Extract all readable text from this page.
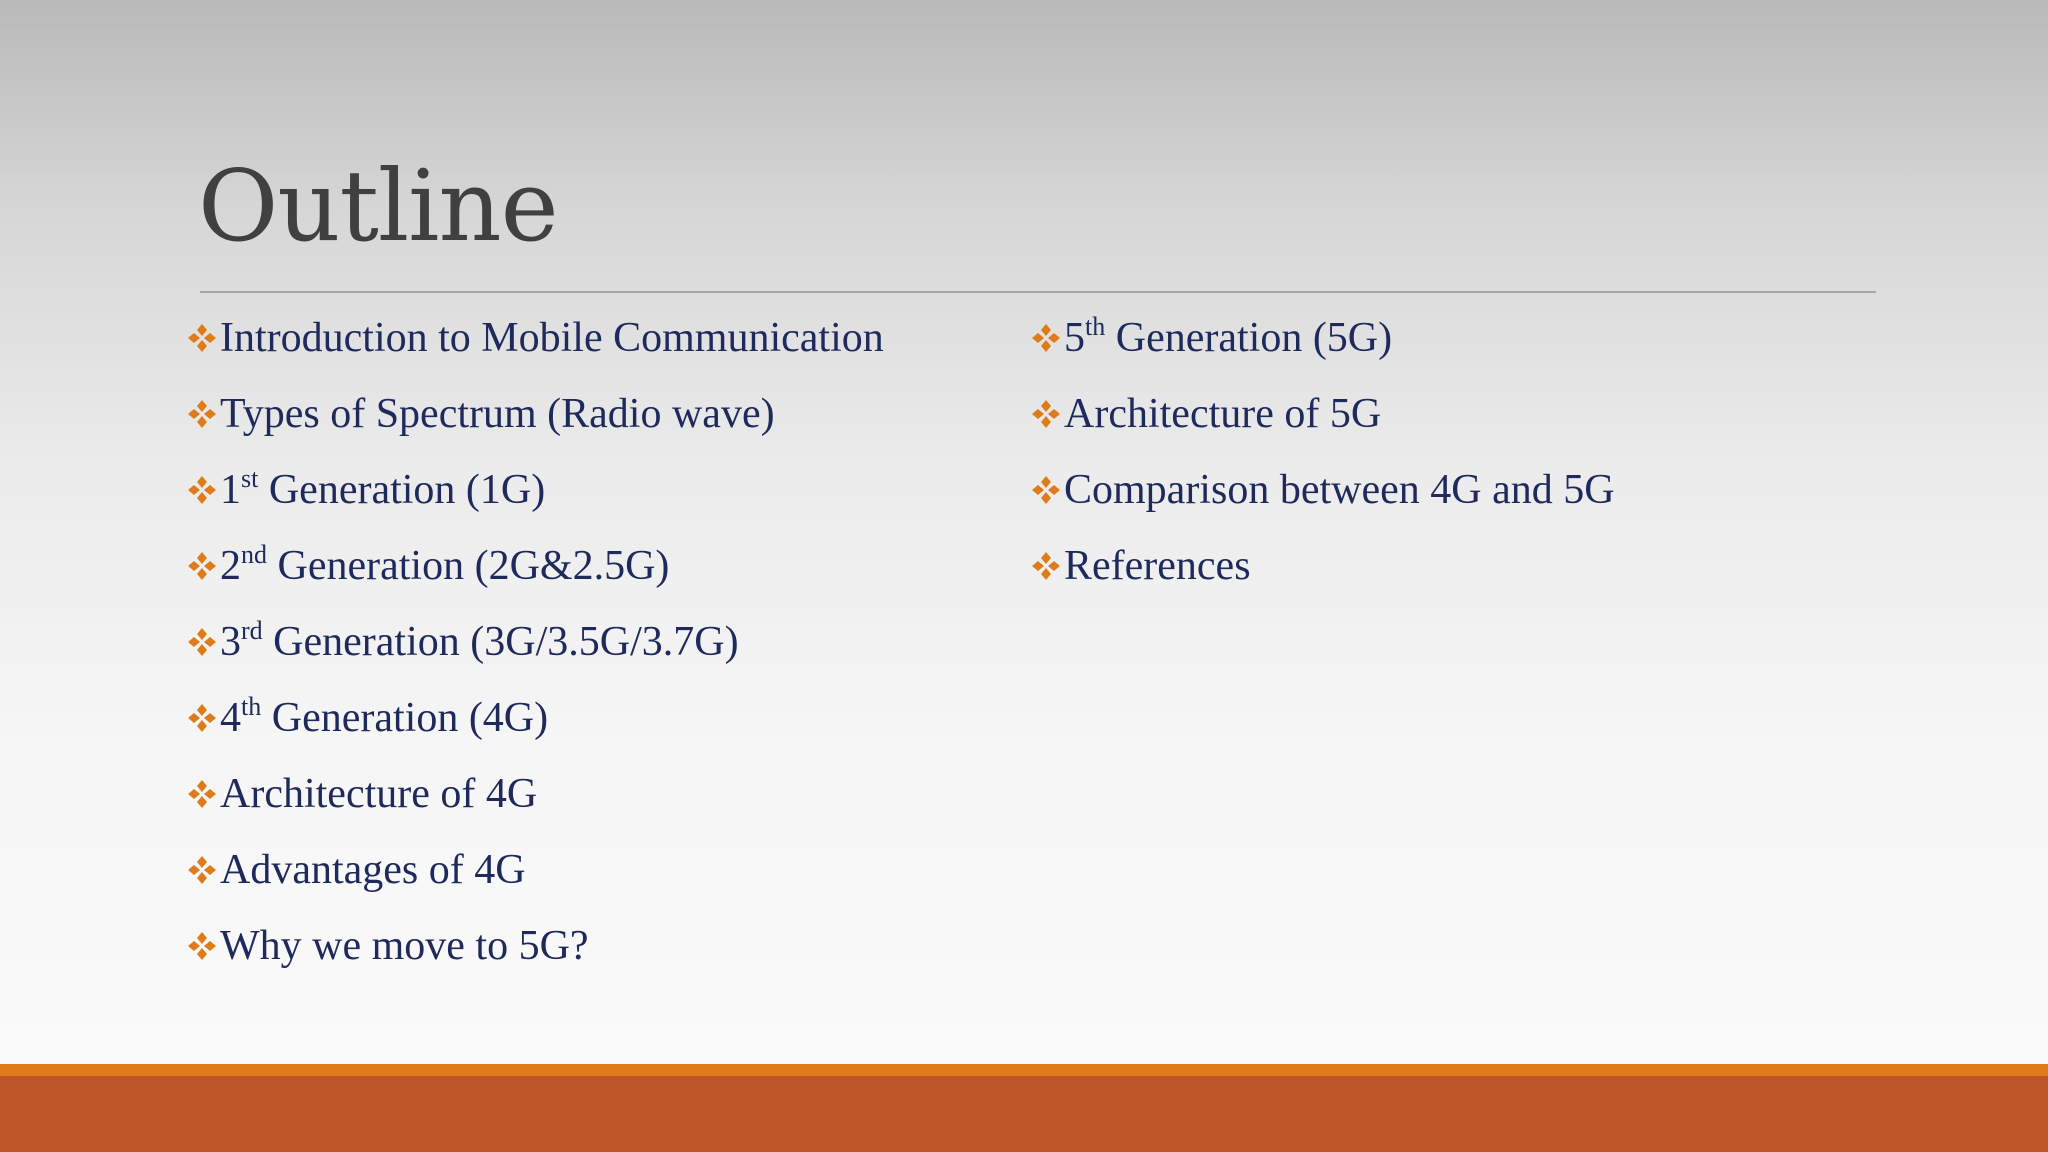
Outline
Introduction to Mobile Communication
Types of Spectrum (Radio wave)
1st Generation (1G)
2nd Generation (2G&2.5G)
3rd Generation (3G/3.5G/3.7G)
4th Generation (4G)
Architecture of 4G
Advantages of 4G
Why we move to 5G?
5th Generation (5G)
Architecture of 5G
Comparison between 4G and 5G
References
